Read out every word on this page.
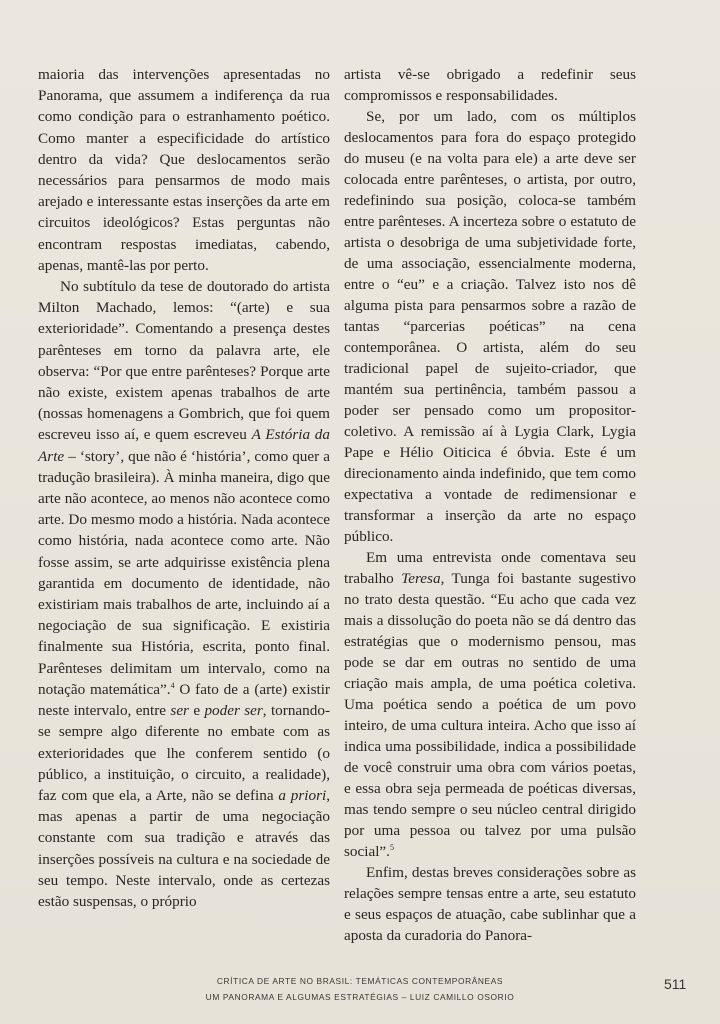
maioria das intervenções apresentadas no Panorama, que assumem a indiferença da rua como condição para o estranhamento poético. Como manter a especificidade do artístico dentro da vida? Que deslocamentos serão necessários para pensarmos de modo mais arejado e interessante estas inserções da arte em circuitos ideológicos? Estas perguntas não encontram respostas imediatas, cabendo, apenas, mantê-las por perto.

No subtítulo da tese de doutorado do artista Milton Machado, lemos: “(arte) e sua exterioridade”. Comentando a presença destes parênteses em torno da palavra arte, ele observa: “Por que entre parênteses? Porque arte não existe, existem apenas trabalhos de arte (nossas homenagens a Gombrich, que foi quem escreveu isso aí, e quem escreveu A Estória da Arte – ‘story’, que não é ‘história’, como quer a tradução brasileira). À minha maneira, digo que arte não acontece, ao menos não acontece como arte. Do mesmo modo a história. Nada acontece como história, nada acontece como arte. Não fosse assim, se arte adquirisse existência plena garantida em documento de identidade, não existiriam mais trabalhos de arte, incluindo aí a negociação de sua significação. E existiria finalmente sua História, escrita, ponto final. Parênteses delimitam um intervalo, como na notação matemática”.$^4$ O fato de a (arte) existir neste intervalo, entre ser e poder ser, tornando-se sempre algo diferente no embate com as exterioridades que lhe conferem sentido (o público, a instituição, o circuito, a realidade), faz com que ela, a Arte, não se defina a priori, mas apenas a partir de uma negociação constante com sua tradição e através das inserções possíveis na cultura e na sociedade de seu tempo. Neste intervalo, onde as certezas estão suspensas, o próprio

artista vê-se obrigado a redefinir seus compromissos e responsabilidades.

Se, por um lado, com os múltiplos deslocamentos para fora do espaço protegido do museu (e na volta para ele) a arte deve ser colocada entre parênteses, o artista, por outro, redefinindo sua posição, coloca-se também entre parênteses. A incerteza sobre o estatuto de artista o desobriga de uma subjetividade forte, de uma associação, essencialmente moderna, entre o “eu” e a criação. Talvez isto nos dê alguma pista para pensarmos sobre a razão de tantas “parcerias poéticas” na cena contemporânea. O artista, além do seu tradicional papel de sujeito-criador, que mantém sua pertinência, também passou a poder ser pensado como um propositor-coletivo. A remissão aí à Lygia Clark, Lygia Pape e Hélio Oiticica é óbvia. Este é um direcionamento ainda indefinido, que tem como expectativa a vontade de redimensionar e transformar a inserção da arte no espaço público.

Em uma entrevista onde comentava seu trabalho Teresa, Tunga foi bastante sugestivo no trato desta questão. “Eu acho que cada vez mais a dissolução do poeta não se dá dentro das estratégias que o modernismo pensou, mas pode se dar em outras no sentido de uma criação mais ampla, de uma poética coletiva. Uma poética sendo a poética de um povo inteiro, de uma cultura inteira. Acho que isso aí indica uma possibilidade, indica a possibilidade de você construir uma obra com vários poetas, e essa obra seja permeada de poéticas diversas, mas tendo sempre o seu núcleo central dirigido por uma pessoa ou talvez por uma pulsão social”.$^5$

Enfim, destas breves considerações sobre as relações sempre tensas entre a arte, seu estatuto e seus espaços de atuação, cabe sublinhar que a aposta da curadoria do Panora-

CRÍTICA DE ARTE NO BRASIL: TEMÁTICAS CONTEMPORÂNEAS
UM PANORAMA E ALGUMAS ESTRATÉGIAS – LUIZ CAMILLO OSORIO
511
